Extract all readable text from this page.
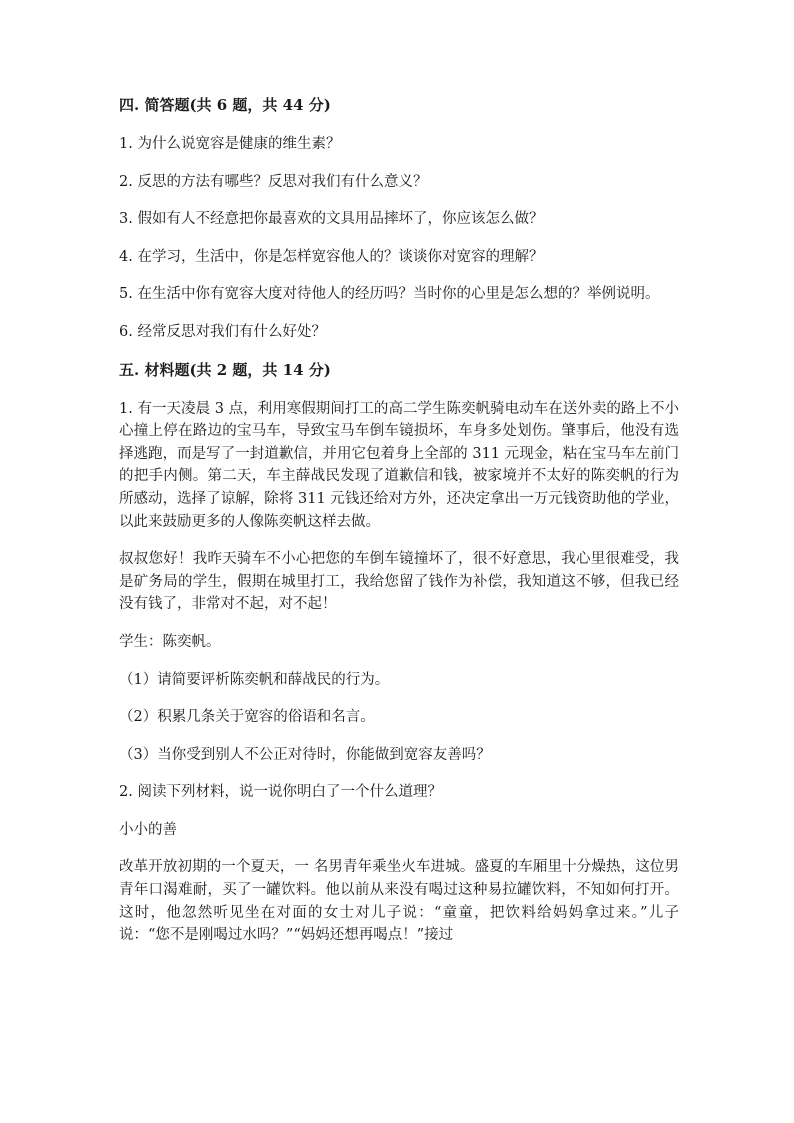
四. 简答题(共 6 题，共 44 分)
1. 为什么说宽容是健康的维生素？
2. 反思的方法有哪些？反思对我们有什么意义？
3. 假如有人不经意把你最喜欢的文具用品摔坏了，你应该怎么做？
4. 在学习，生活中，你是怎样宽容他人的？谈谈你对宽容的理解？
5. 在生活中你有宽容大度对待他人的经历吗？当时你的心里是怎么想的？举例说明。
6. 经常反思对我们有什么好处？
五. 材料题(共 2 题，共 14 分)
1. 有一天凌晨 3 点，利用寒假期间打工的高二学生陈奕帆骑电动车在送外卖的路上不小心撞上停在路边的宝马车，导致宝马车倒车镜损坏，车身多处划伤。肇事后，他没有选择逃跑，而是写了一封道歉信，并用它包着身上全部的 311 元现金，粘在宝马车左前门的把手内侧。第二天，车主薛战民发现了道歉信和钱，被家境并不太好的陈奕帆的行为所感动，选择了谅解，除将 311 元钱还给对方外，还决定拿出一万元钱资助他的学业，以此来鼓励更多的人像陈奕帆这样去做。
叔叔您好！我昨天骑车不小心把您的车倒车镜撞坏了，很不好意思，我心里很难受，我是矿务局的学生，假期在城里打工，我给您留了钱作为补偿，我知道这不够，但我已经没有钱了，非常对不起，对不起！
学生：陈奕帆。
（1）请简要评析陈奕帆和薛战民的行为。
（2）积累几条关于宽容的俗语和名言。
（3）当你受到别人不公正对待时，你能做到宽容友善吗？
2. 阅读下列材料，说一说你明白了一个什么道理？
小小的善
改革开放初期的一个夏天，一 名男青年乘坐火车进城。盛夏的车厢里十分燥热，这位男青年口渴难耐，买了一罐饮料。他以前从来没有喝过这种易拉罐饮料，不知如何打开。这时，他忽然听见坐在对面的女士对儿子说：“童童，把饮料给妈妈拿过来。”儿子说：“您不是刚喝过水吗？”“妈妈还想再喝点！”接过
